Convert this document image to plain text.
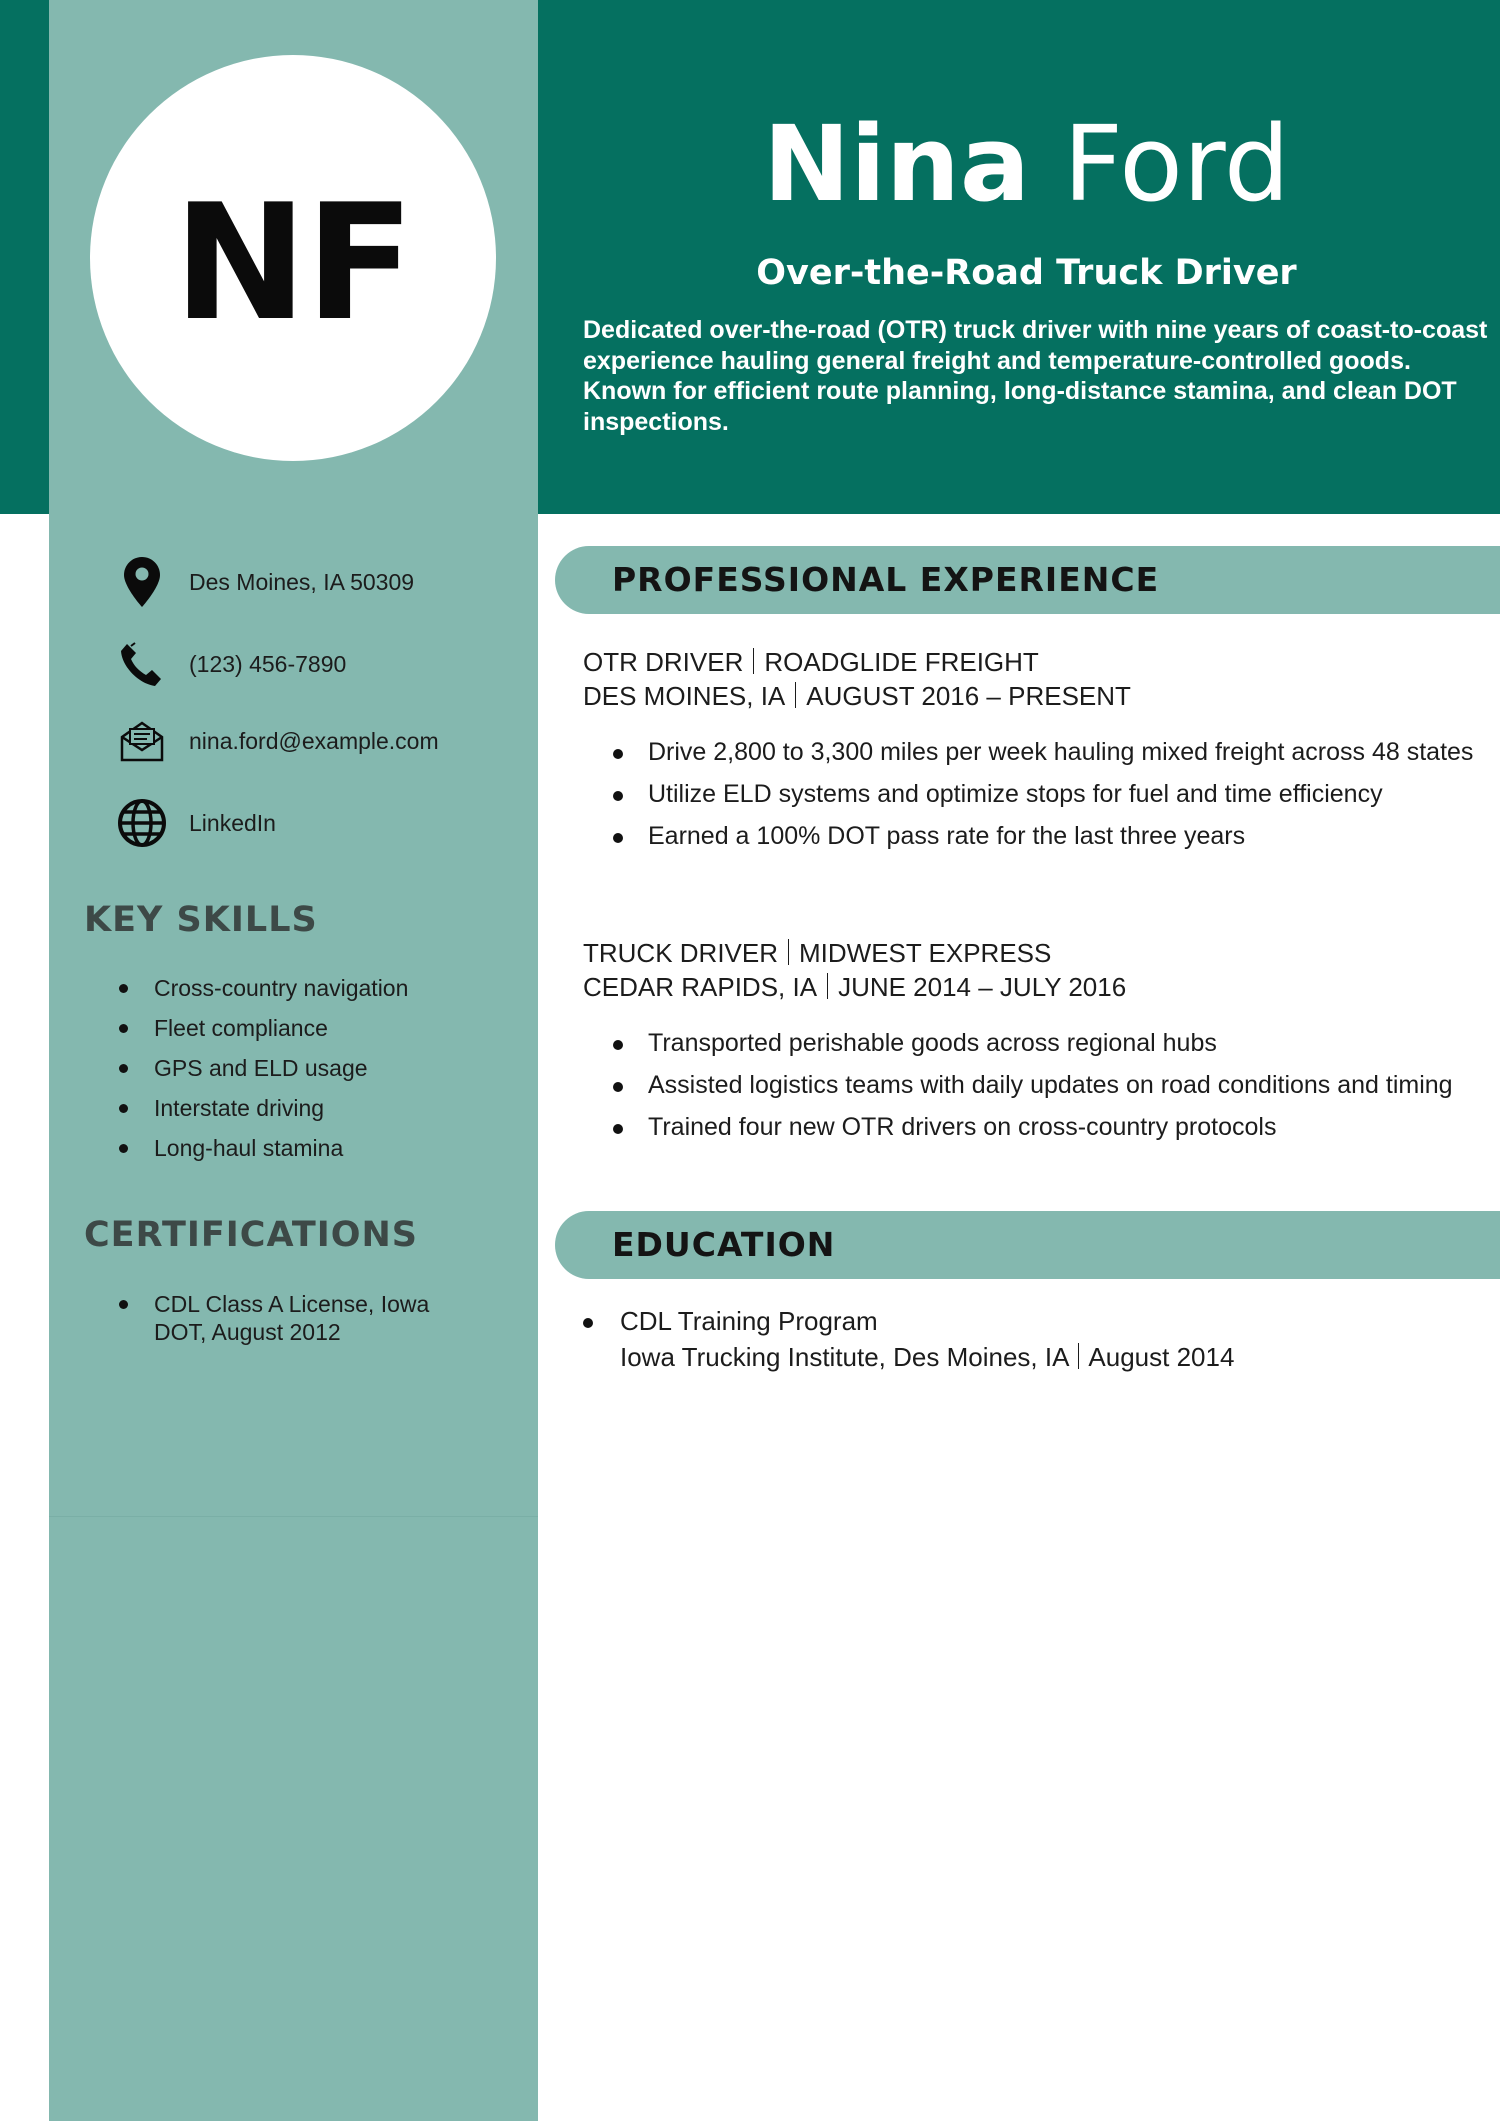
NF
Nina Ford
Over-the-Road Truck Driver
Dedicated over-the-road (OTR) truck driver with nine years of coast-to-coast experience hauling general freight and temperature-controlled goods. Known for efficient route planning, long-distance stamina, and clean DOT inspections.
Des Moines, IA 50309
(123) 456-7890
nina.ford@example.com
LinkedIn
KEY SKILLS
Cross-country navigation
Fleet compliance
GPS and ELD usage
Interstate driving
Long-haul stamina
CERTIFICATIONS
CDL Class A License, Iowa DOT, August 2012
PROFESSIONAL EXPERIENCE
OTR DRIVER ROADGLIDE FREIGHT
DES MOINES, IA AUGUST 2016 – PRESENT
Drive 2,800 to 3,300 miles per week hauling mixed freight across 48 states
Utilize ELD systems and optimize stops for fuel and time efficiency
Earned a 100% DOT pass rate for the last three years
TRUCK DRIVER MIDWEST EXPRESS
CEDAR RAPIDS, IA JUNE 2014 – JULY 2016
Transported perishable goods across regional hubs
Assisted logistics teams with daily updates on road conditions and timing
Trained four new OTR drivers on cross-country protocols
EDUCATION
CDL Training Program
Iowa Trucking Institute, Des Moines, IA August 2014
